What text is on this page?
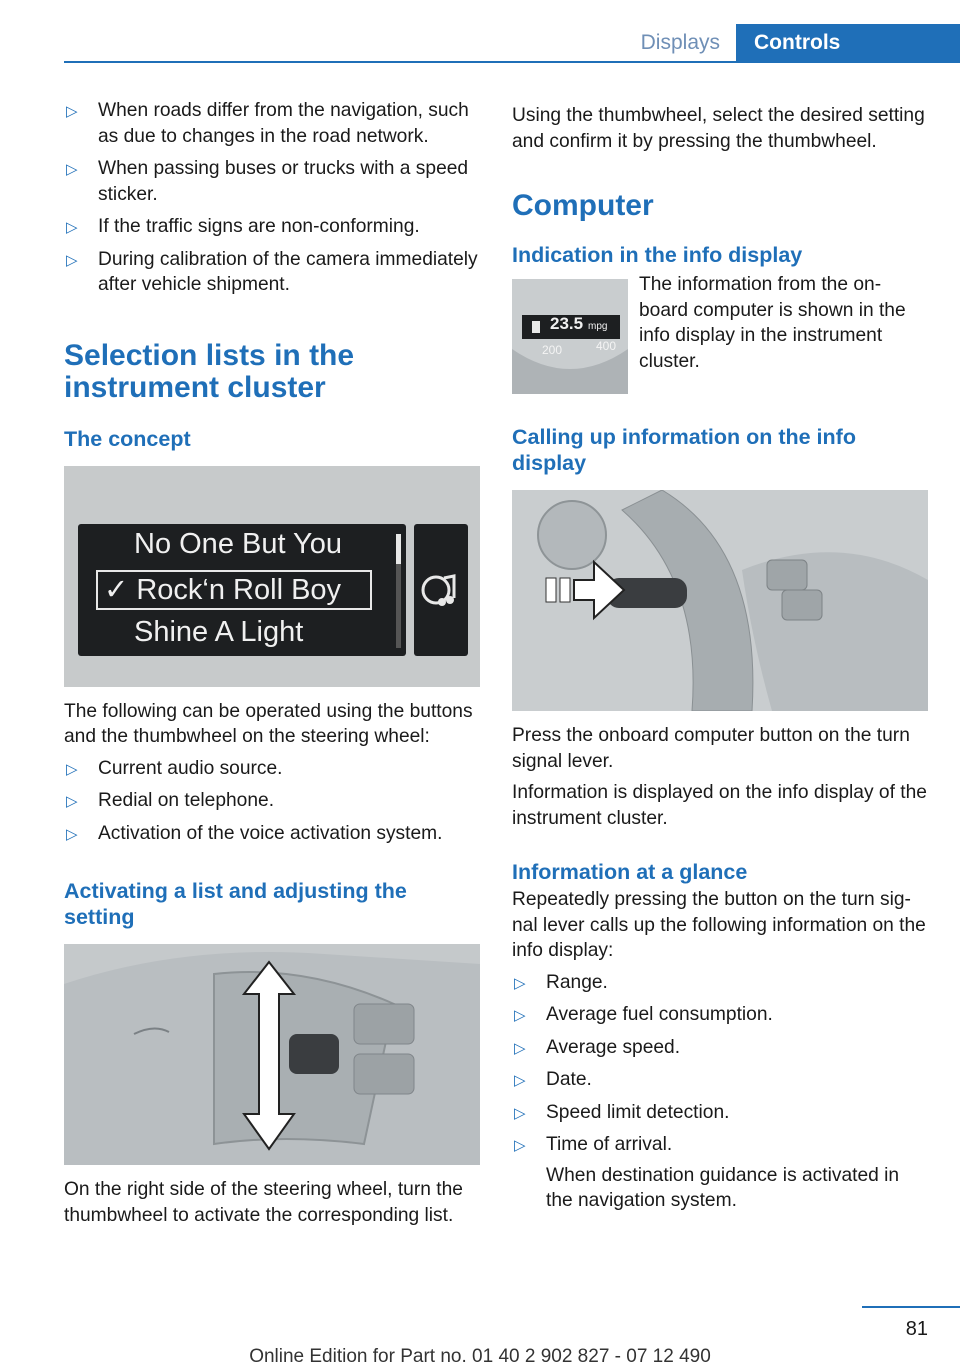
Displays	Controls
▷ When roads differ from the navigation, such as due to changes in the road network.
▷ When passing buses or trucks with a speed sticker.
▷ If the traffic signs are non-conforming.
▷ During calibration of the camera immediately after vehicle shipment.
Selection lists in the instrument cluster
The concept
No One But You
✓ Rock‘n Roll Boy
Shine A Light

The following can be operated using the buttons and the thumbwheel on the steering wheel:

▷ Current audio source.
▷ Redial on telephone.
▷ Activation of the voice activation system.
Activating a list and adjusting the setting

On the right side of the steering wheel, turn the thumbwheel to activate the corresponding list.

Using the thumbwheel, select the desired setting and confirm it by pressing the thumbwheel.

Computer
Indication in the info display
23.5 mpg
200	400

The information from the on-board computer is shown in the info display in the instrument cluster.

Calling up information on the info display

Press the onboard computer button on the turn signal lever.

Information is displayed on the info display of the instrument cluster.

Information at a glance

Repeatedly pressing the button on the turn signal lever calls up the following information on the info display:

▷ Range.
▷ Average fuel consumption.
▷ Average speed.
▷ Date.
▷ Speed limit detection.
▷ Time of arrival.

When destination guidance is activated in the navigation system.

81
Online Edition for Part no. 01 40 2 902 827 - 07 12 490
